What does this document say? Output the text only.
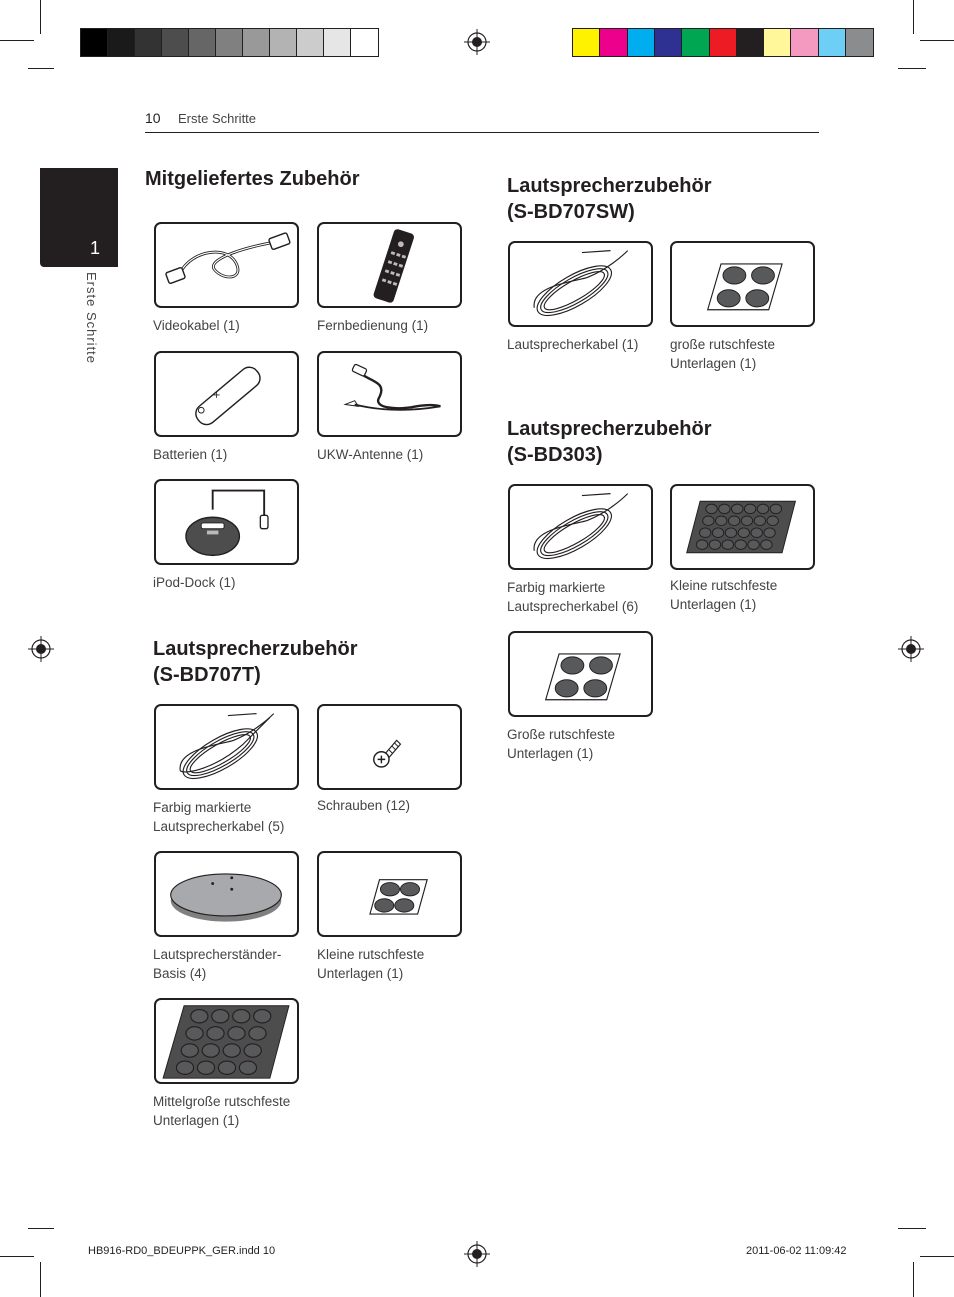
10 Erste Schritte
1
Erste Schritte
Mitgeliefertes Zubehör
Videokabel (1)	Fernbedienung (1)
+
Batterien (1)	UKW-Antenne (1)
iPod-Dock (1)
Lautsprecherzubehör
(S-BD707T)
Farbig markierte
Lautsprecherkabel (5)
Schrauben (12)
Lautsprecherständer-
Basis (4)
Kleine rutschfeste
Unterlagen (1)
Mittelgroße rutschfeste
Unterlagen (1)
Lautsprecherzubehör
(S-BD707SW)
Lautsprecherkabel (1)	große rutschfeste
Unterlagen (1)
Lautsprecherzubehör
(S-BD303)
Farbig markierte
Lautsprecherkabel (6)
Kleine rutschfeste
Unterlagen (1)
Große rutschfeste
Unterlagen (1)
HB916-RD0_BDEUPPK_GER.indd 10	2011-06-02 11:09:42
